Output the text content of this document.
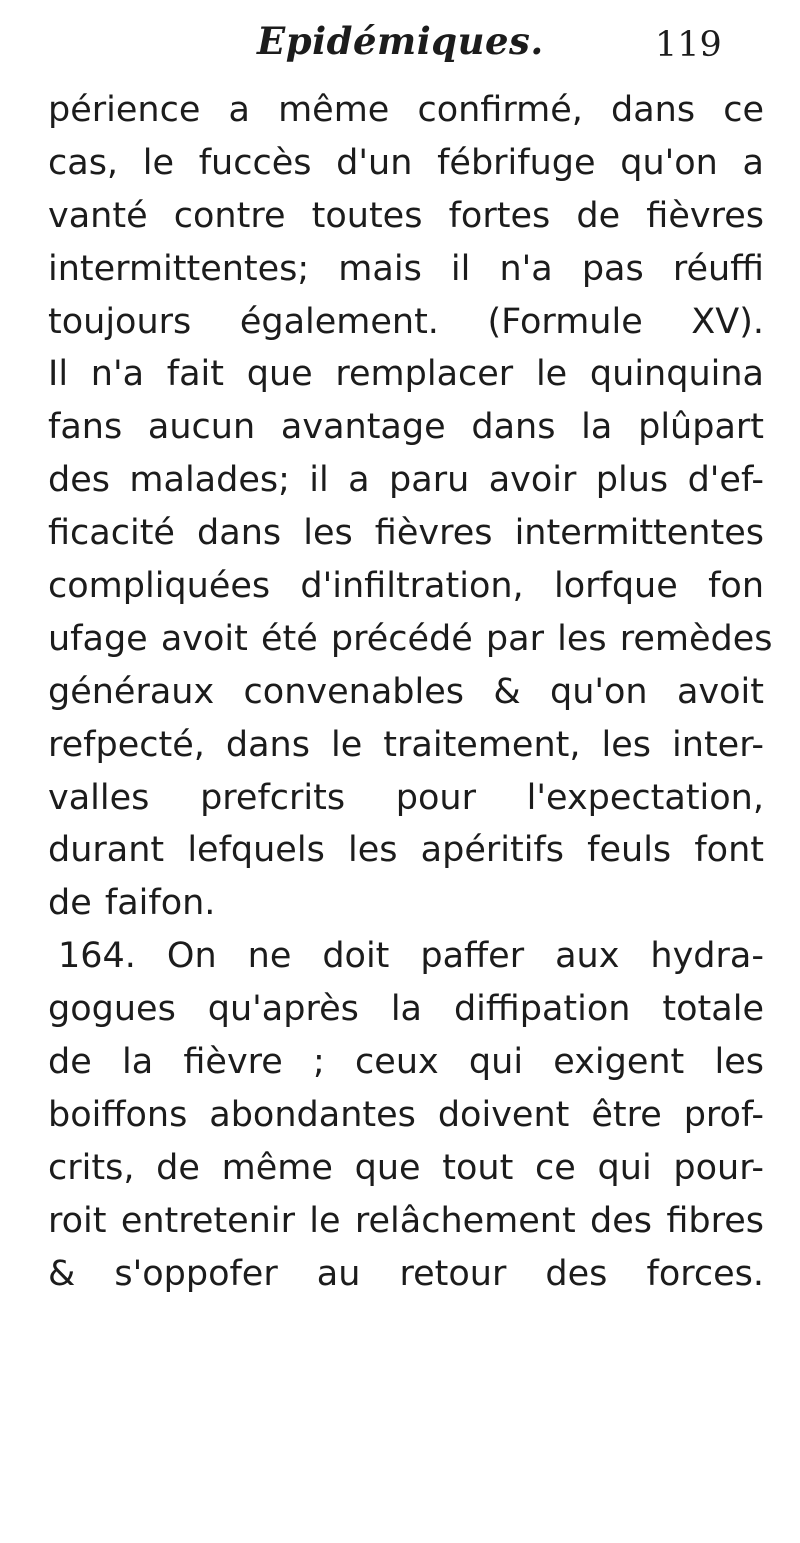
Epidémiques.	119
périence a même confirmé, dans ce
cas, le fuccès d'un fébrifuge qu'on a
vanté contre toutes fortes de fièvres
intermittentes; mais il n'a pas réuffi
toujours également. (Formule XV).
Il n'a fait que remplacer le quinquina
fans aucun avantage dans la plûpart
des malades; il a paru avoir plus d'ef-
ficacité dans les fièvres intermittentes
compliquées d'infiltration, lorfque fon
ufage avoit été précédé par les remèdes
généraux convenables & qu'on avoit
refpecté, dans le traitement, les inter-
valles prefcrits pour l'expectation,
durant lefquels les apéritifs feuls font
de faifon.
164. On ne doit paffer aux hydra-
gogues qu'après la diffipation totale
de la fièvre ; ceux qui exigent les
boiffons abondantes doivent être prof-
crits, de même que tout ce qui pour-
roit entretenir le relâchement des fibres
& s'oppofer au retour des forces.
